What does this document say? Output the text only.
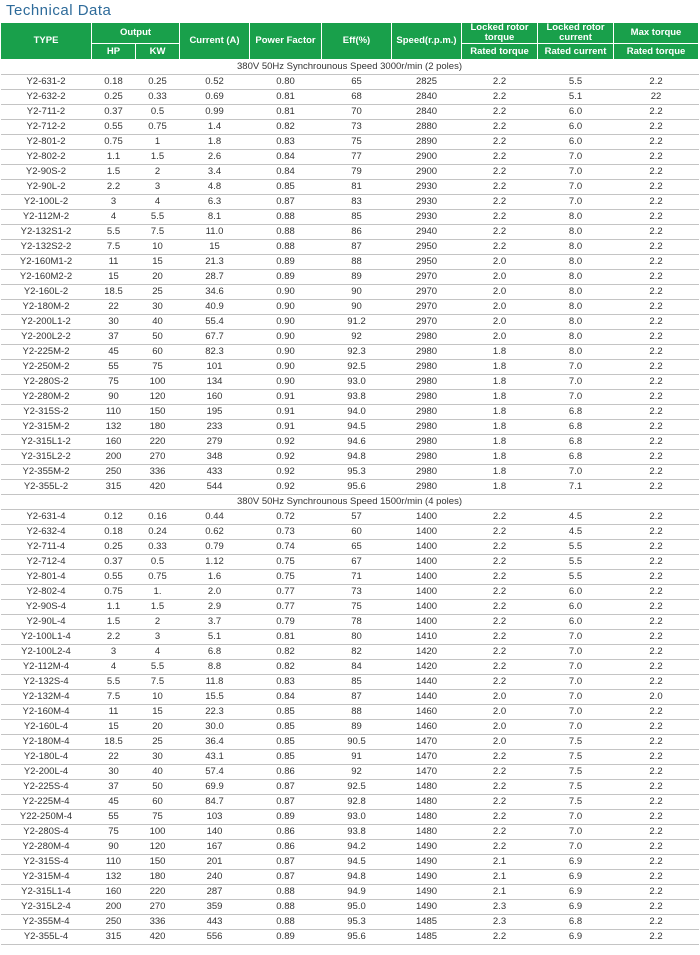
Technical Data
TYPE	Output		Current (A)	Power Factor	Eff(%)	Speed(r.p.m.)	Locked rotor torque	Locked rotor current	Max torque
	HP	KW					Rated torque	Rated current	Rated torque
380V 50Hz Synchrounous Speed 3000r/min (2 poles)									
Y2-631-2	0.18	0.25	0.52	0.80	65	2825	2.2	5.5	2.2
Y2-632-2	0.25	0.33	0.69	0.81	68	2840	2.2	5.1	22
Y2-711-2	0.37	0.5	0.99	0.81	70	2840	2.2	6.0	2.2
Y2-712-2	0.55	0.75	1.4	0.82	73	2880	2.2	6.0	2.2
Y2-801-2	0.75	1	1.8	0.83	75	2890	2.2	6.0	2.2
Y2-802-2	1.1	1.5	2.6	0.84	77	2900	2.2	7.0	2.2
Y2-90S-2	1.5	2	3.4	0.84	79	2900	2.2	7.0	2.2
Y2-90L-2	2.2	3	4.8	0.85	81	2930	2.2	7.0	2.2
Y2-100L-2	3	4	6.3	0.87	83	2930	2.2	7.0	2.2
Y2-112M-2	4	5.5	8.1	0.88	85	2930	2.2	8.0	2.2
Y2-132S1-2	5.5	7.5	11.0	0.88	86	2940	2.2	8.0	2.2
Y2-132S2-2	7.5	10	15	0.88	87	2950	2.2	8.0	2.2
Y2-160M1-2	11	15	21.3	0.89	88	2950	2.0	8.0	2.2
Y2-160M2-2	15	20	28.7	0.89	89	2970	2.0	8.0	2.2
Y2-160L-2	18.5	25	34.6	0.90	90	2970	2.0	8.0	2.2
Y2-180M-2	22	30	40.9	0.90	90	2970	2.0	8.0	2.2
Y2-200L1-2	30	40	55.4	0.90	91.2	2970	2.0	8.0	2.2
Y2-200L2-2	37	50	67.7	0.90	92	2980	2.0	8.0	2.2
Y2-225M-2	45	60	82.3	0.90	92.3	2980	1.8	8.0	2.2
Y2-250M-2	55	75	101	0.90	92.5	2980	1.8	7.0	2.2
Y2-280S-2	75	100	134	0.90	93.0	2980	1.8	7.0	2.2
Y2-280M-2	90	120	160	0.91	93.8	2980	1.8	7.0	2.2
Y2-315S-2	110	150	195	0.91	94.0	2980	1.8	6.8	2.2
Y2-315M-2	132	180	233	0.91	94.5	2980	1.8	6.8	2.2
Y2-315L1-2	160	220	279	0.92	94.6	2980	1.8	6.8	2.2
Y2-315L2-2	200	270	348	0.92	94.8	2980	1.8	6.8	2.2
Y2-355M-2	250	336	433	0.92	95.3	2980	1.8	7.0	2.2
Y2-355L-2	315	420	544	0.92	95.6	2980	1.8	7.1	2.2
380V 50Hz Synchrounous Speed 1500r/min (4 poles)									
Y2-631-4	0.12	0.16	0.44	0.72	57	1400	2.2	4.5	2.2
Y2-632-4	0.18	0.24	0.62	0.73	60	1400	2.2	4.5	2.2
Y2-711-4	0.25	0.33	0.79	0.74	65	1400	2.2	5.5	2.2
Y2-712-4	0.37	0.5	1.12	0.75	67	1400	2.2	5.5	2.2
Y2-801-4	0.55	0.75	1.6	0.75	71	1400	2.2	5.5	2.2
Y2-802-4	0.75	1.	2.0	0.77	73	1400	2.2	6.0	2.2
Y2-90S-4	1.1	1.5	2.9	0.77	75	1400	2.2	6.0	2.2
Y2-90L-4	1.5	2	3.7	0.79	78	1400	2.2	6.0	2.2
Y2-100L1-4	2.2	3	5.1	0.81	80	1410	2.2	7.0	2.2
Y2-100L2-4	3	4	6.8	0.82	82	1420	2.2	7.0	2.2
Y2-112M-4	4	5.5	8.8	0.82	84	1420	2.2	7.0	2.2
Y2-132S-4	5.5	7.5	11.8	0.83	85	1440	2.2	7.0	2.2
Y2-132M-4	7.5	10	15.5	0.84	87	1440	2.0	7.0	2.0
Y2-160M-4	11	15	22.3	0.85	88	1460	2.0	7.0	2.2
Y2-160L-4	15	20	30.0	0.85	89	1460	2.0	7.0	2.2
Y2-180M-4	18.5	25	36.4	0.85	90.5	1470	2.0	7.5	2.2
Y2-180L-4	22	30	43.1	0.85	91	1470	2.2	7.5	2.2
Y2-200L-4	30	40	57.4	0.86	92	1470	2.2	7.5	2.2
Y2-225S-4	37	50	69.9	0.87	92.5	1480	2.2	7.5	2.2
Y2-225M-4	45	60	84.7	0.87	92.8	1480	2.2	7.5	2.2
Y22-250M-4	55	75	103	0.89	93.0	1480	2.2	7.0	2.2
Y2-280S-4	75	100	140	0.86	93.8	1480	2.2	7.0	2.2
Y2-280M-4	90	120	167	0.86	94.2	1490	2.2	7.0	2.2
Y2-315S-4	110	150	201	0.87	94.5	1490	2.1	6.9	2.2
Y2-315M-4	132	180	240	0.87	94.8	1490	2.1	6.9	2.2
Y2-315L1-4	160	220	287	0.88	94.9	1490	2.1	6.9	2.2
Y2-315L2-4	200	270	359	0.88	95.0	1490	2.3	6.9	2.2
Y2-355M-4	250	336	443	0.88	95.3	1485	2.3	6.8	2.2
Y2-355L-4	315	420	556	0.89	95.6	1485	2.2	6.9	2.2
